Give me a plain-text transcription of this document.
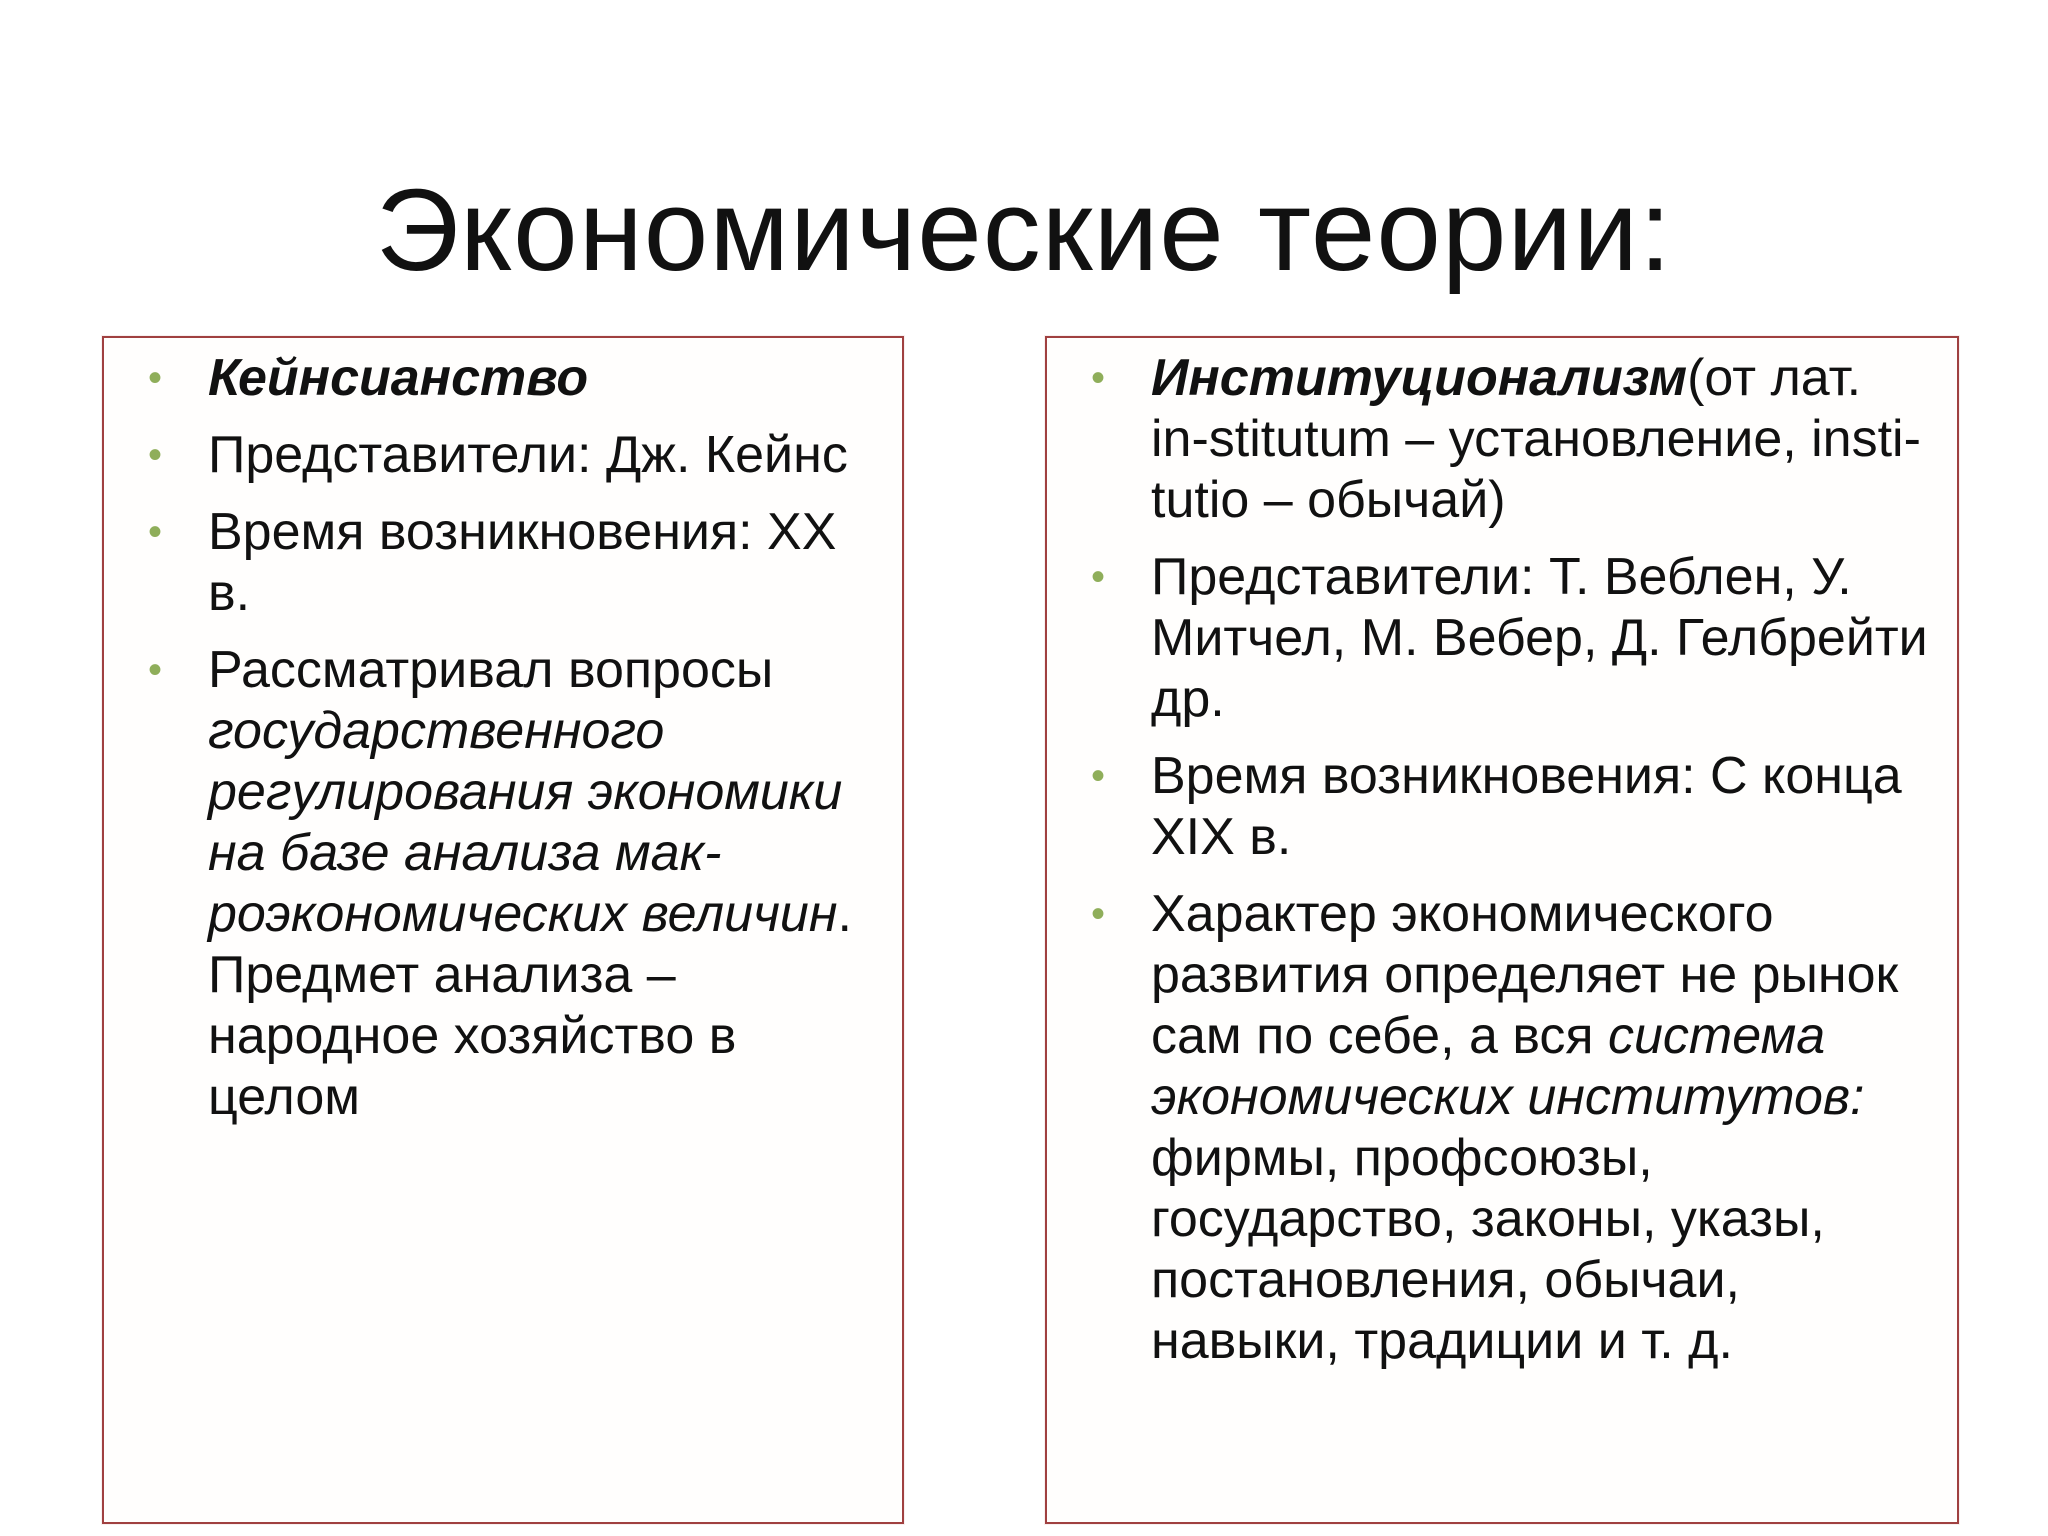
Экономические теории:
• Кейнсианство
• Представители: Дж. Кейнс
• Время возникновения: ХХ в.
• Рассматривал вопросы государственного регулирования экономики на базе анализа мак-роэкономических величин. Предмет анализа – народное хозяйство в целом
• Институционализм(от лат. in-stitutum – установление, insti-tutio – обычай)
• Представители: Т. Веблен, У. Митчел, М. Вебер, Д. Гелбрейти др.
• Время возникновения: С конца XIX в.
• Характер экономического развития определяет не рынок сам по себе, а вся система экономических институтов: фирмы, профсоюзы, государство, законы, указы, постановления, обычаи, навыки, традиции и т. д.
